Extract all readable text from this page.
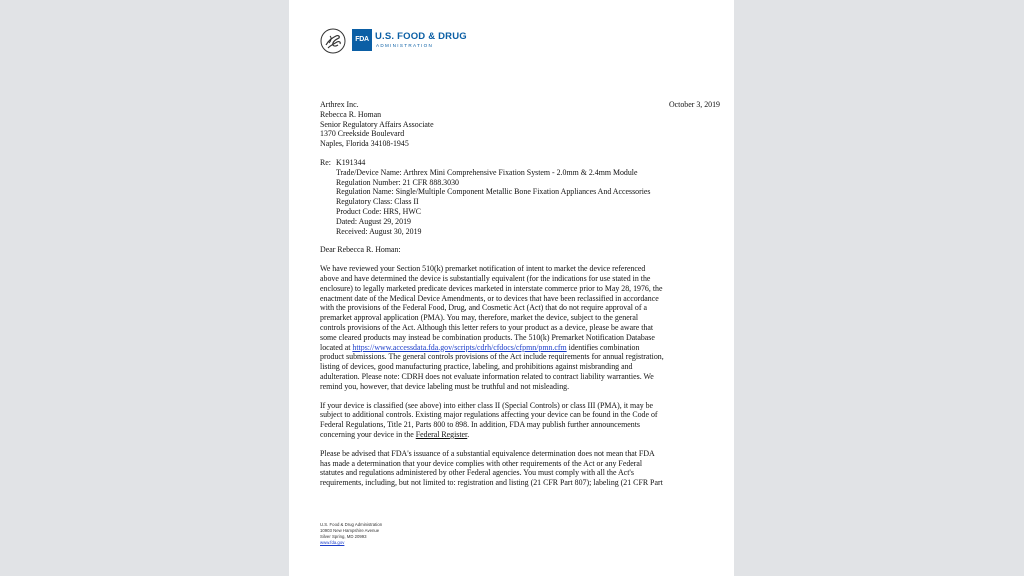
FDA U.S. FOOD & DRUG
ADMINISTRATION
October 3, 2019
Arthrex Inc.
Rebecca R. Homan
Senior Regulatory Affairs Associate
1370 Creekside Boulevard
Naples, Florida 34108-1945
Re: K191344
Trade/Device Name: Arthrex Mini Comprehensive Fixation System - 2.0mm & 2.4mm Module
Regulation Number: 21 CFR 888.3030
Regulation Name: Single/Multiple Component Metallic Bone Fixation Appliances And Accessories
Regulatory Class: Class II
Product Code: HRS, HWC
Dated: August 29, 2019
Received: August 30, 2019
Dear Rebecca R. Homan:
We have reviewed your Section 510(k) premarket notification of intent to market the device referenced
above and have determined the device is substantially equivalent (for the indications for use stated in the
enclosure) to legally marketed predicate devices marketed in interstate commerce prior to May 28, 1976, the
enactment date of the Medical Device Amendments, or to devices that have been reclassified in accordance
with the provisions of the Federal Food, Drug, and Cosmetic Act (Act) that do not require approval of a
premarket approval application (PMA). You may, therefore, market the device, subject to the general
controls provisions of the Act. Although this letter refers to your product as a device, please be aware that
some cleared products may instead be combination products. The 510(k) Premarket Notification Database
located at https://www.accessdata.fda.gov/scripts/cdrh/cfdocs/cfpmn/pmn.cfm identifies combination
product submissions. The general controls provisions of the Act include requirements for annual registration,
listing of devices, good manufacturing practice, labeling, and prohibitions against misbranding and
adulteration. Please note: CDRH does not evaluate information related to contract liability warranties. We
remind you, however, that device labeling must be truthful and not misleading.
If your device is classified (see above) into either class II (Special Controls) or class III (PMA), it may be
subject to additional controls. Existing major regulations affecting your device can be found in the Code of
Federal Regulations, Title 21, Parts 800 to 898. In addition, FDA may publish further announcements
concerning your device in the Federal Register.
Please be advised that FDA's issuance of a substantial equivalence determination does not mean that FDA
has made a determination that your device complies with other requirements of the Act or any Federal
statutes and regulations administered by other Federal agencies. You must comply with all the Act's
requirements, including, but not limited to: registration and listing (21 CFR Part 807); labeling (21 CFR Part
U.S. Food & Drug Administration
10903 New Hampshire Avenue
Silver Spring, MD 20993
www.fda.gov
